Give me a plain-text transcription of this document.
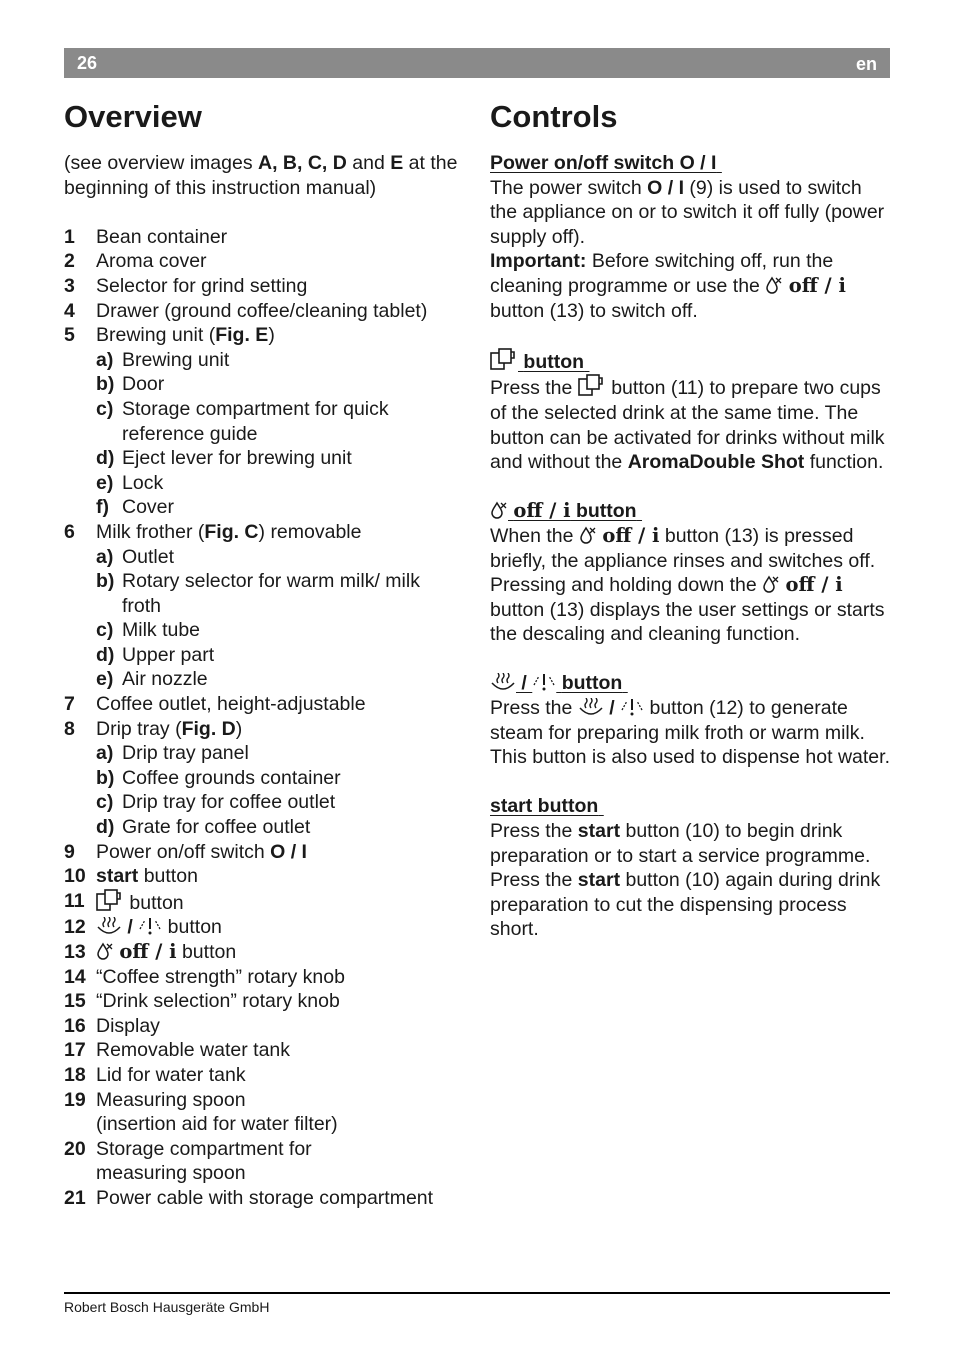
26	en
Overview	Controls
(see overview images A, B, C, D and E at the beginning of this instruction manual)
1 Bean container
2 Aroma cover
3 Selector for grind setting
4 Drawer (ground coffee/cleaning tablet)
5 Brewing unit (Fig. E)
a) Brewing unit
b) Door
c) Storage compartment for quick reference guide
d) Eject lever for brewing unit
e) Lock
f) Cover
6 Milk frother (Fig. C) removable
a) Outlet
b) Rotary selector for warm milk/ milk froth
c) Milk tube
d) Upper part
e) Air nozzle
7 Coffee outlet, height-adjustable
8 Drip tray (Fig. D)
a) Drip tray panel
b) Coffee grounds container
c) Drip tray for coffee outlet
d) Grate for coffee outlet
9 Power on/off switch O / I
10 start button
11 button
12 /  button
13 off / i button
14 “Coffee strength” rotary knob
15 “Drink selection” rotary knob
16 Display
17 Removable water tank
18 Lid for water tank
19 Measuring spoon
(insertion aid for water filter)
20 Storage compartment for
measuring spoon
21 Power cable with storage compartment
Power on/off switch O / I
The power switch O / I (9) is used to switch the appliance on or to switch it off fully (power supply off).
Important: Before switching off, run the cleaning programme or use the  off / i button (13) to switch off.
button
Press the  button (11) to prepare two cups of the selected drink at the same time. The button can be activated for drinks without milk and without the AromaDouble Shot function.
off / i button
When the  off / i button (13) is pressed briefly, the appliance rinses and switches off. Pressing and holding down the  off / i button (13) displays the user settings or starts the descaling and cleaning function.
/  button
Press the  /  button (12) to generate steam for preparing milk froth or warm milk. This button is also used to dispense hot water.
start button
Press the start button (10) to begin drink preparation or to start a service programme. Press the start button (10) again during drink preparation to cut the dispensing process short.
Robert Bosch Hausgeräte GmbH
